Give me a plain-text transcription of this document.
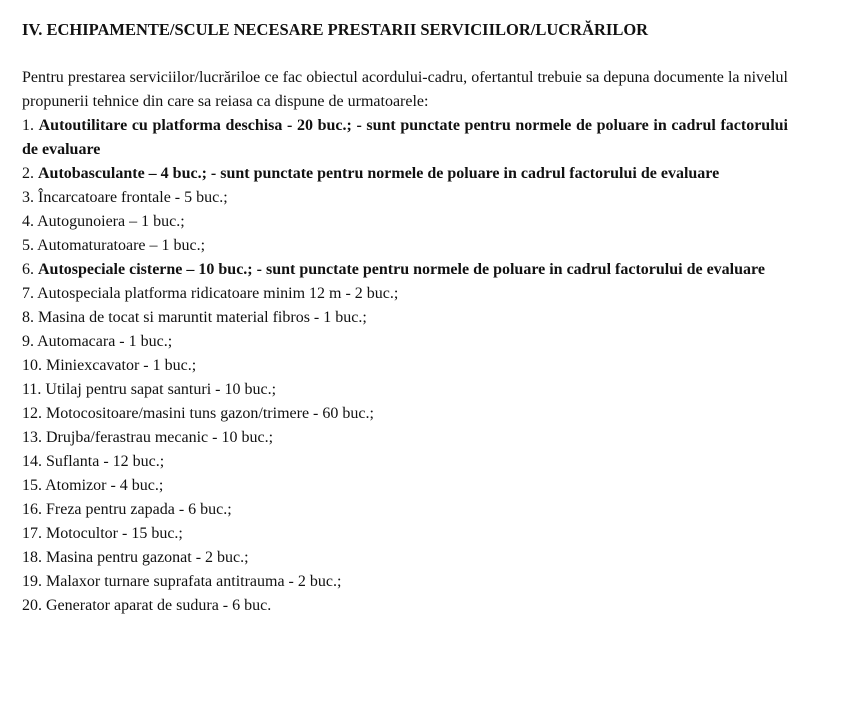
IV. ECHIPAMENTE/SCULE NECESARE PRESTARII SERVICIILOR/LUCRĂRILOR

Pentru prestarea serviciilor/lucrăriloe ce fac obiectul acordului-cadru, ofertantul trebuie sa depuna documente la nivelul propunerii tehnice din care sa reiasa ca dispune de urmatoarele:

1. Autoutilitare cu platforma deschisa - 20 buc.; - sunt punctate pentru normele de poluare in cadrul factorului de evaluare
2. Autobasculante – 4 buc.; - sunt punctate pentru normele de poluare in cadrul factorului de evaluare
3. Încarcatoare frontale - 5 buc.;
4. Autogunoiera – 1 buc.;
5. Automaturatoare – 1 buc.;
6. Autospeciale cisterne – 10 buc.; - sunt punctate pentru normele de poluare in cadrul factorului de evaluare
7. Autospeciala platforma ridicatoare minim 12 m - 2 buc.;
8. Masina de tocat si maruntit material fibros - 1 buc.;
9. Automacara - 1 buc.;
10. Miniexcavator - 1 buc.;
11. Utilaj pentru sapat santuri - 10 buc.;
12. Motocositoare/masini tuns gazon/trimere - 60 buc.;
13. Drujba/ferastrau mecanic - 10 buc.;
14. Suflanta - 12 buc.;
15. Atomizor - 4 buc.;
16. Freza pentru zapada - 6 buc.;
17. Motocultor - 15 buc.;
18. Masina pentru gazonat - 2 buc.;
19. Malaxor turnare suprafata antitrauma - 2 buc.;
20. Generator aparat de sudura - 6 buc.
